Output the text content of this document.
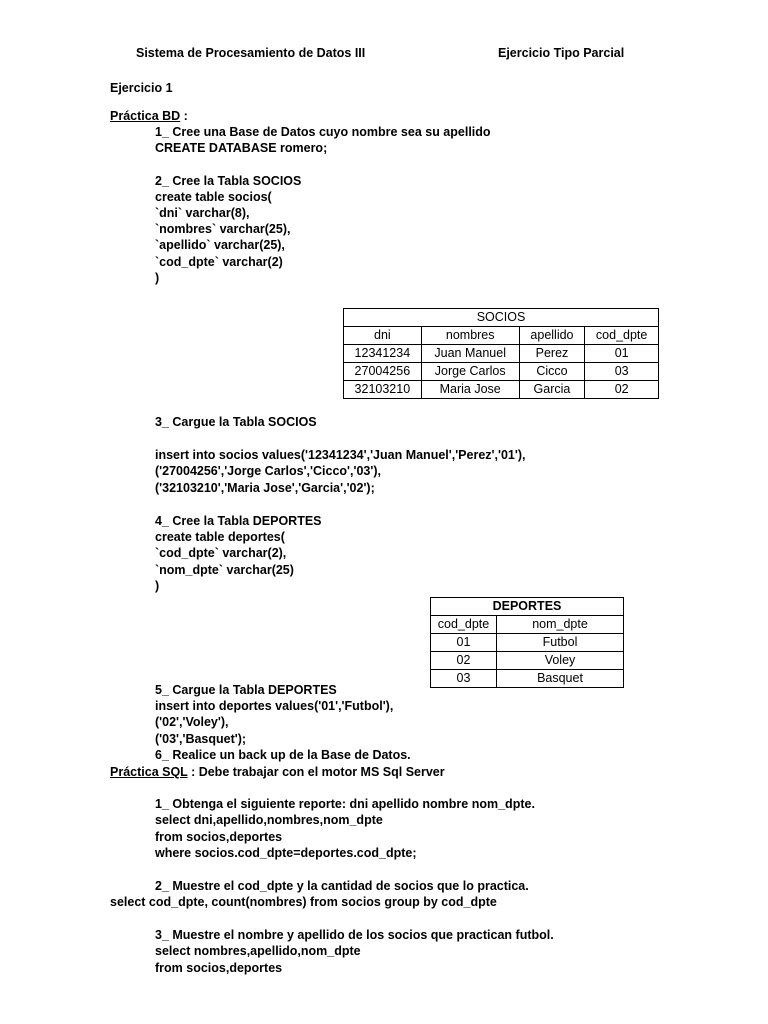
Sistema de Procesamiento de Datos III	Ejercicio Tipo Parcial
Ejercicio 1
Práctica BD :
1_ Cree una Base de Datos cuyo nombre sea su apellido
CREATE DATABASE romero;
2_ Cree la Tabla SOCIOS
create table socios(
`dni` varchar(8),
`nombres` varchar(25),
`apellido` varchar(25),
`cod_dpte` varchar(2)
)
SOCIOS			
dni	nombres	apellido	cod_dpte
12341234	Juan Manuel	Perez	01
27004256	Jorge Carlos	Cicco	03
32103210	Maria Jose	Garcia	02
3_ Cargue la Tabla SOCIOS
insert into socios values('12341234','Juan Manuel','Perez','01'),
('27004256','Jorge Carlos','Cicco','03'),
('32103210','Maria Jose','Garcia','02');
4_ Cree la Tabla DEPORTES
create table deportes(
`cod_dpte` varchar(2),
`nom_dpte` varchar(25)
)
DEPORTES	
cod_dpte	nom_dpte
01	Futbol
02	Voley
03	Basquet
5_ Cargue la Tabla DEPORTES
insert into deportes values('01','Futbol'),
('02','Voley'),
('03','Basquet');
6_ Realice un back up de la Base de Datos.
Práctica SQL : Debe trabajar con el motor MS Sql Server
1_ Obtenga el siguiente reporte: dni apellido nombre nom_dpte.
select dni,apellido,nombres,nom_dpte
from socios,deportes
where socios.cod_dpte=deportes.cod_dpte;
2_ Muestre el cod_dpte y la cantidad de socios que lo practica.
select cod_dpte, count(nombres) from socios group by cod_dpte
3_ Muestre el nombre y apellido de los socios que practican futbol.
select nombres,apellido,nom_dpte
from socios,deportes
